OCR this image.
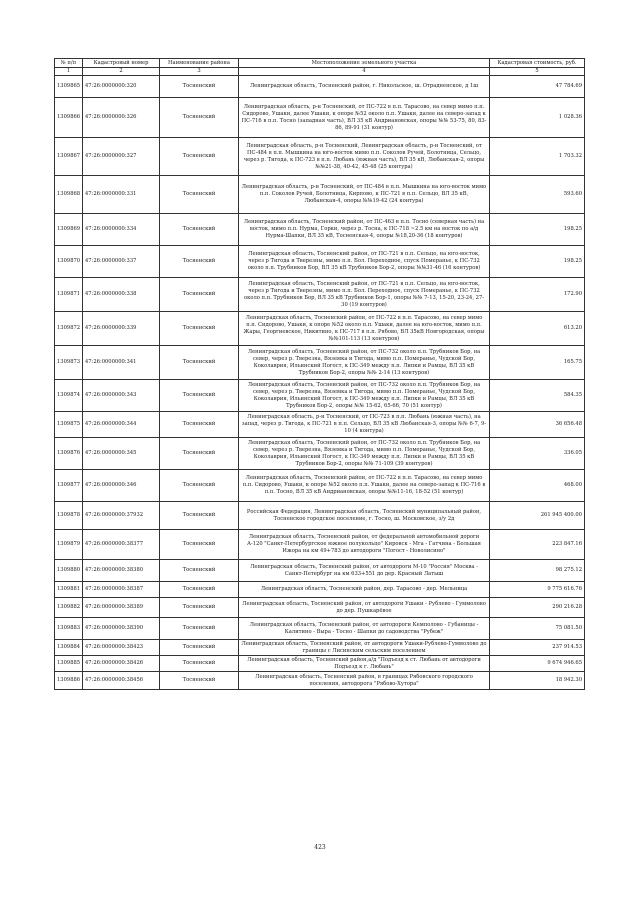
№ п/п	Кадастровый номер	Наименование района	Местоположение земельного участка	Кадастровая стоимость, руб.
1	2	3	4	5
1309865	47:26:0000000:320	Тосненский	Ленинградская область, Тосненский район, г. Никольское, ш. Отрадненское, д 1ш	47 784.69
1309866	47:26:0000000:326	Тосненский	Ленинградская область, р-н Тосненский, от ПС-722 в п.п. Тарасово, на север мимо п.п. Сидорово, Ушаки, далее Ушаки, к опоре №52 около п.п. Ушаки, далее на северо-запад к ПС-716 в п.п. Тосно (западная часть), ВЛ 35 кВ Андриановская, опоры №№ 53-75, 80, 83-86, 89-91 (31 контур)	1 028.36
1309867	47:26:0000000:327	Тосненский	Ленинградская область, р-н Тосненский, Ленинградская область, р-н Тосненский, от ПС-484 в п.п. Мышкина на юго-восток мимо п.п. Соколов Ручей, Болотница, Сельцо, через р. Тигода, к ПС-723 в п.п. Любань (южная часть), ВЛ 35 кВ, Любанская-2, опоры №№21-38, 40-42, 45-48 (25 контура)	1 703.32
1309868	47:26:0000000:331	Тосненский	Ленинградская область, р-н Тосненский, от ПС-484 в п.п. Мышкина на юго-восток мимо п.п. Соколов Ручей, Болотница, Кирпово, к ПС-721 в п.п. Сельцо, ВЛ 35 кВ, Любанская-4, опоры №№19-42 (24 контура)	593.60
1309869	47:26:0000000:334	Тосненский	Ленинградская область, Тосненский район, от ПС-463 в п.п. Тосно (северная часть) на восток, мимо п.п. Нурма, Горки, через р. Тосна, к ПС-718 ~2.5 км на восток по а/д Нурма-Шапки, ВЛ 35 кВ, Тосненская-4, опоры №18,20-36 (18 контуров)	198.25
1309870	47:26:0000000:337	Тосненский	Ленинградская область, Тосненский район, от ПС-721 в п.п. Сельцо, на юго-восток, через р Тигода и Тверезны, мимо п.п. Бол. Переходное, спуск Померанье, к ПС-732 около п.п. Трубников Бор, ВЛ 35 кВ Трубников Бор-2, опоры №№31-46 (16 контуров)	198.25
1309871	47:26:0000000:338	Тосненский	Ленинградская область, Тосненский район, от ПС-721 в п.п. Сельцо, на юго-восток, через р Тигода и Тверезны, мимо п.п. Бол. Переходное, спуск Померанье, к ПС-732 около п.п. Трубников Бор, ВЛ 35 кВ Трубников Бор-1, опоры №№ 7-13, 15-20, 23-24, 27-30 (19 контуров)	172.90
1309872	47:26:0000000:339	Тосненский	Ленинградская область, Тосненский район, от ПС-722 в п.п. Тарасово, на север мимо п.п. Сидорово, Ушаки, к опоре №52 около п.п. Ушаки, далее на юго-восток, мимо п.п. Жары, Георгиевское, Никитино, к ПС-717 в п.п. Рябово, ВЛ 35кВ Новгородская, опоры №№101-113 (13 контуров)	613.20
1309873	47:26:0000000:341	Тосненский	Ленинградская область, Тосненский район, от ПС-732 около п.п. Трубников Бор, на север, через р. Тверезна, Вяземка и Тигода, мимо п.п. Померанье, Чудской Бор, Коколаврия, Ильинский Погост, к ПС-349 между п.п. Липки и Рамцы, ВЛ 35 кВ Трубников Бор-2, опоры №№ 2-14 (13 контуров)	165.75
1309874	47:26:0000000:343	Тосненский	Ленинградская область, Тосненский район, от ПС-732 около п.п. Трубников Бор, на север, через р. Тверезна, Вяземка и Тигода, мимо п.п. Померанье, Чудской Бор, Коколаврия, Ильинский Погост, к ПС-349 между п.п. Липки и Рамцы, ВЛ 35 кВ Трубников Бор-2, опоры №№ 15-62, 65-66, 70 (51 контур)	584.35
1309875	47:26:0000000:344	Тосненский	Ленинградская область, р-н Тосненский, от ПС-723 в п.п. Любань (южная часть), на запад, через р. Тигода, к ПС-721 в п.п. Сельцо, ВЛ 35 кВ Любанская-3, опоры №№ 6-7, 9-10 (4 контура)	36 656.48
1309876	47:26:0000000:345	Тосненский	Ленинградская область, Тосненский район, от ПС-732 около п.п. Трубников Бор, на север, через р. Тверезна, Вяземка и Тигода, мимо п.п. Померанье, Чудской Бор, Коколаврия, Ильинский Погост, к ПС-349 между п.п. Липки и Рамцы, ВЛ 35 кВ Трубников Бор-2, опоры №№ 71-109 (39 контуров)	336.05
1309877	47:26:0000000:346	Тосненский	Ленинградская область, Тосненский район, от ПС-722 в п.п. Тарасово, на север мимо п.п. Сидорово, Ушаки, к опоре №52 около п.п. Ушаки, далее на северо-запад к ПС-716 в п.п. Тосно, ВЛ 35 кВ Андриановская, опоры №№11-16, 18-52 (51 контур)	468.00
1309878	47:26:0000000:37932	Тосненский	Российская Федерация, Ленинградская область, Тосненский муниципальный район, Тосненское городское поселение, г. Тосно, ш. Московское, з/у 2д	261 945 400.00
1309879	47:26:0000000:38377	Тосненский	Ленинградская область, Тосненский район, от федеральной автомобильной дороги А-120 "Санкт-Петербургское южное полукольцо" Кировск - Мга - Гатчина - Большая Ижора на км 49+783 до автодороги "Погост - Новолисино"	223 847.16
1309880	47:26:0000000:38380	Тосненский	Ленинградская область, Тосненский район, от автодороги М-10 "Россия" Москва - Санкт-Петербург на км 633+551 до дер. Красный Латыш	98 275.12
1309881	47:26:0000000:38387	Тосненский	Ленинградская область, Тосненский район, дер. Тарасово - дер. Мельница	9 775 616.76
1309882	47:26:0000000:38389	Тосненский	Ленинградская область, Тосненский район, от автодороги Ушаки - Рублево - Гуммолово до дер. Пушкарёвое	290 216.28
1309883	47:26:0000000:38390	Тосненский	Ленинградская область, Тосненский район, от автодороги Кемполово - Губаницы - Калитино - Выра - Тосно - Шапки до садоводства "Рубеж"	75 081.50
1309884	47:26:0000000:38423	Тосненский	Ленинградская область, Тосненский район, от автодороги Ушаки-Рублево-Гуммолово до границы с Лисинским сельским поселением	237 914.53
1309885	47:26:0000000:38426	Тосненский	Ленинградская область, Тосненский район,а/д "Подъезд к ст. Любань от автодороги Подъезд к г. Любань"	9 674 946.65
1309886	47:26:0000000:38456	Тосненский	Ленинградская область, Тосненский район, в границах Рябовского городского поселения, автодорога "Рябово-Хутора"	18 942.30
423
